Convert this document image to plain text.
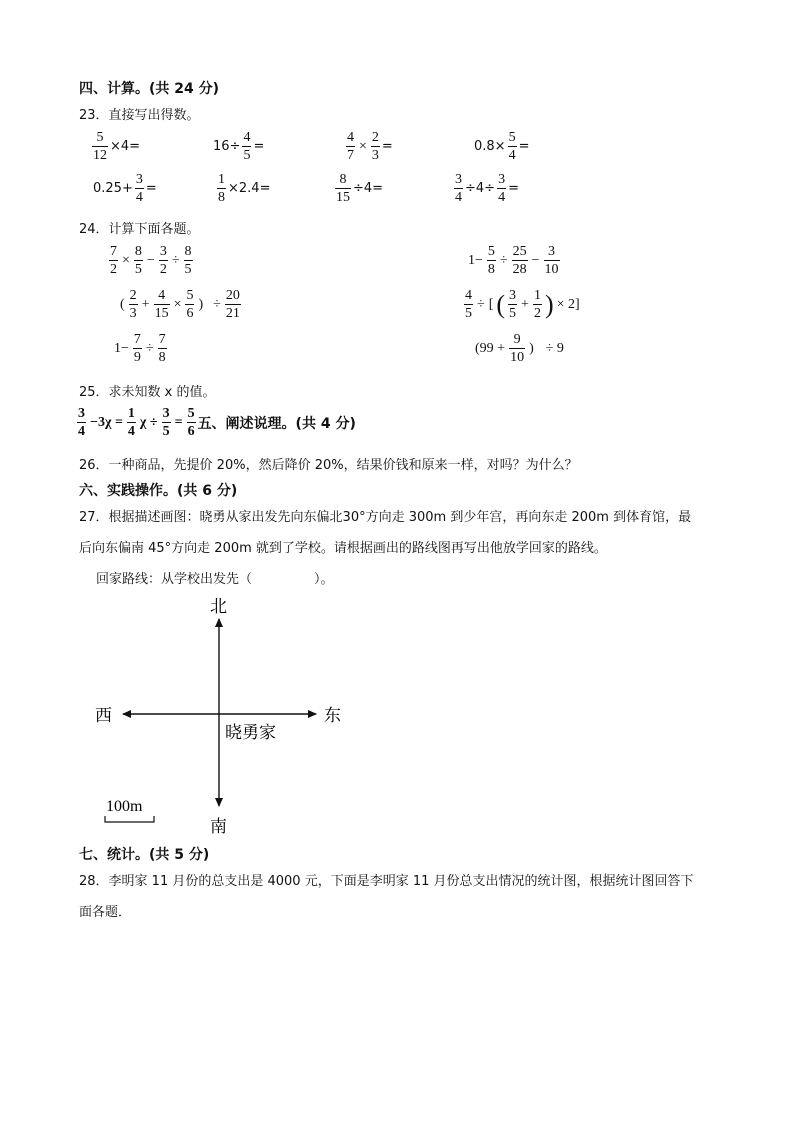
四、计算。(共 24 分)
23．直接写出得数。
$\frac{5}{12} \times 4=$	$16\div \frac{4}{5}$ =	$\frac{4}{7} \times \frac{2}{3}$ =	$0.8\times \frac{5}{4}$ =
$0.25+ \frac{3}{4}$ =	$\frac{1}{8} \times 2.4=$	$\frac{8}{15} \div 4=$	$\frac{3}{4} \div 4\div \frac{3}{4}$ =
24．计算下面各题。
$\frac{7}{2} \times \frac{8}{5} - \frac{3}{2} \div \frac{8}{5}$	$1- \frac{5}{8} \div \frac{25}{28} - \frac{3}{10}$
( $\frac{2}{3} + \frac{4}{15} \times \frac{5}{6}$ ) ÷ $\frac{20}{21}$	$\frac{4}{5}$ ÷ [ ( $\frac{3}{5} + \frac{1}{2}$ ) × 2]
$1- \frac{7}{9} \div \frac{7}{8}$	($99 + \frac{9}{10}$ ) ÷ 9
25．求未知数 x 的值。
$\frac{3}{4} -3\chi = \frac{1}{4}$ $\chi \div \frac{3}{5} = \frac{5}{6}$ 五、阐述说理。(共 4 分)
26．一种商品，先提价 20%，然后降价 20%，结果价钱和原来一样，对吗？为什么？
六、实践操作。(共 6 分)
27．根据描述画图：晓勇从家出发先向东偏北30°方向走 300m 到少年宫，再向东走 200m 到体育馆，最
后向东偏南 45°方向走 200m 就到了学校。请根据画出的路线图再写出他放学回家的路线。
回家路线：从学校出发先（	）。
北
南
西	东
晓勇家
100m
七、统计。(共 5 分)
28．李明家 11 月份的总支出是 4000 元，下面是李明家 11 月份总支出情况的统计图，根据统计图回答下
面各题．
